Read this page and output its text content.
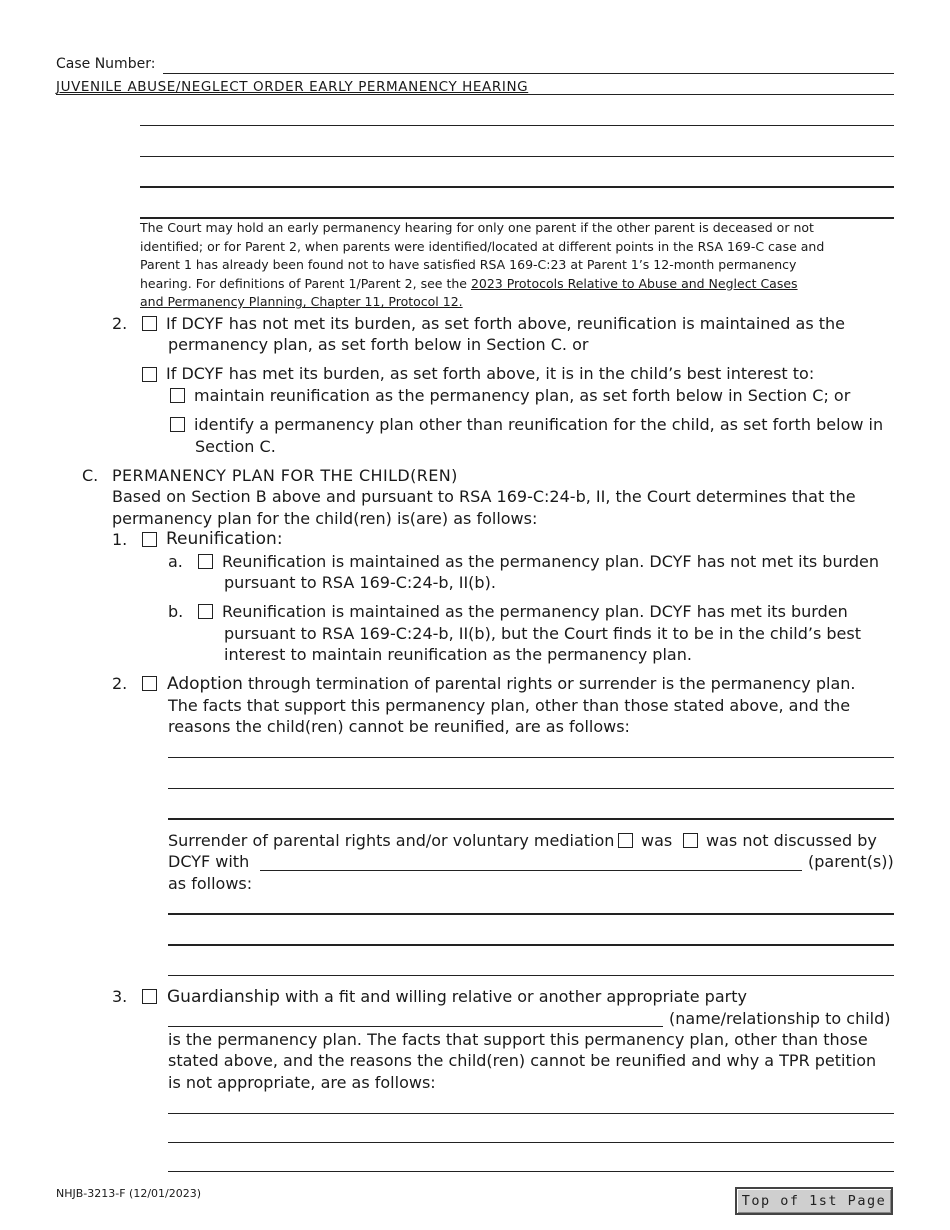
Case Number:
JUVENILE ABUSE/NEGLECT ORDER EARLY PERMANENCY HEARING
The Court may hold an early permanency hearing for only one parent if the other parent is deceased or not
identified; or for Parent 2, when parents were identified/located at different points in the RSA 169-C case and
Parent 1 has already been found not to have satisfied RSA 169-C:23 at Parent 1’s 12-month permanency
hearing. For definitions of Parent 1/Parent 2, see the 2023 Protocols Relative to Abuse and Neglect Cases
and Permanency Planning, Chapter 11, Protocol 12.
2. If DCYF has not met its burden, as set forth above, reunification is maintained as the
permanency plan, as set forth below in Section C. or
If DCYF has met its burden, as set forth above, it is in the child’s best interest to:
maintain reunification as the permanency plan, as set forth below in Section C; or
identify a permanency plan other than reunification for the child, as set forth below in
Section C.
C. PERMANENCY PLAN FOR THE CHILD(REN)
Based on Section B above and pursuant to RSA 169-C:24-b, II, the Court determines that the
permanency plan for the child(ren) is(are) as follows:
1. Reunification:
a. Reunification is maintained as the permanency plan. DCYF has not met its burden
pursuant to RSA 169-C:24-b, II(b).
b. Reunification is maintained as the permanency plan. DCYF has met its burden
pursuant to RSA 169-C:24-b, II(b), but the Court finds it to be in the child’s best
interest to maintain reunification as the permanency plan.
2. Adoption through termination of parental rights or surrender is the permanency plan.
The facts that support this permanency plan, other than those stated above, and the
reasons the child(ren) cannot be reunified, are as follows:
Surrender of parental rights and/or voluntary mediation was was not discussed by
DCYF with	(parent(s))
as follows:
3. Guardianship with a fit and willing relative or another appropriate party
(name/relationship to child)
is the permanency plan. The facts that support this permanency plan, other than those
stated above, and the reasons the child(ren) cannot be reunified and why a TPR petition
is not appropriate, are as follows:
NHJB-3213-F (12/01/2023)	Top of 1st Page
